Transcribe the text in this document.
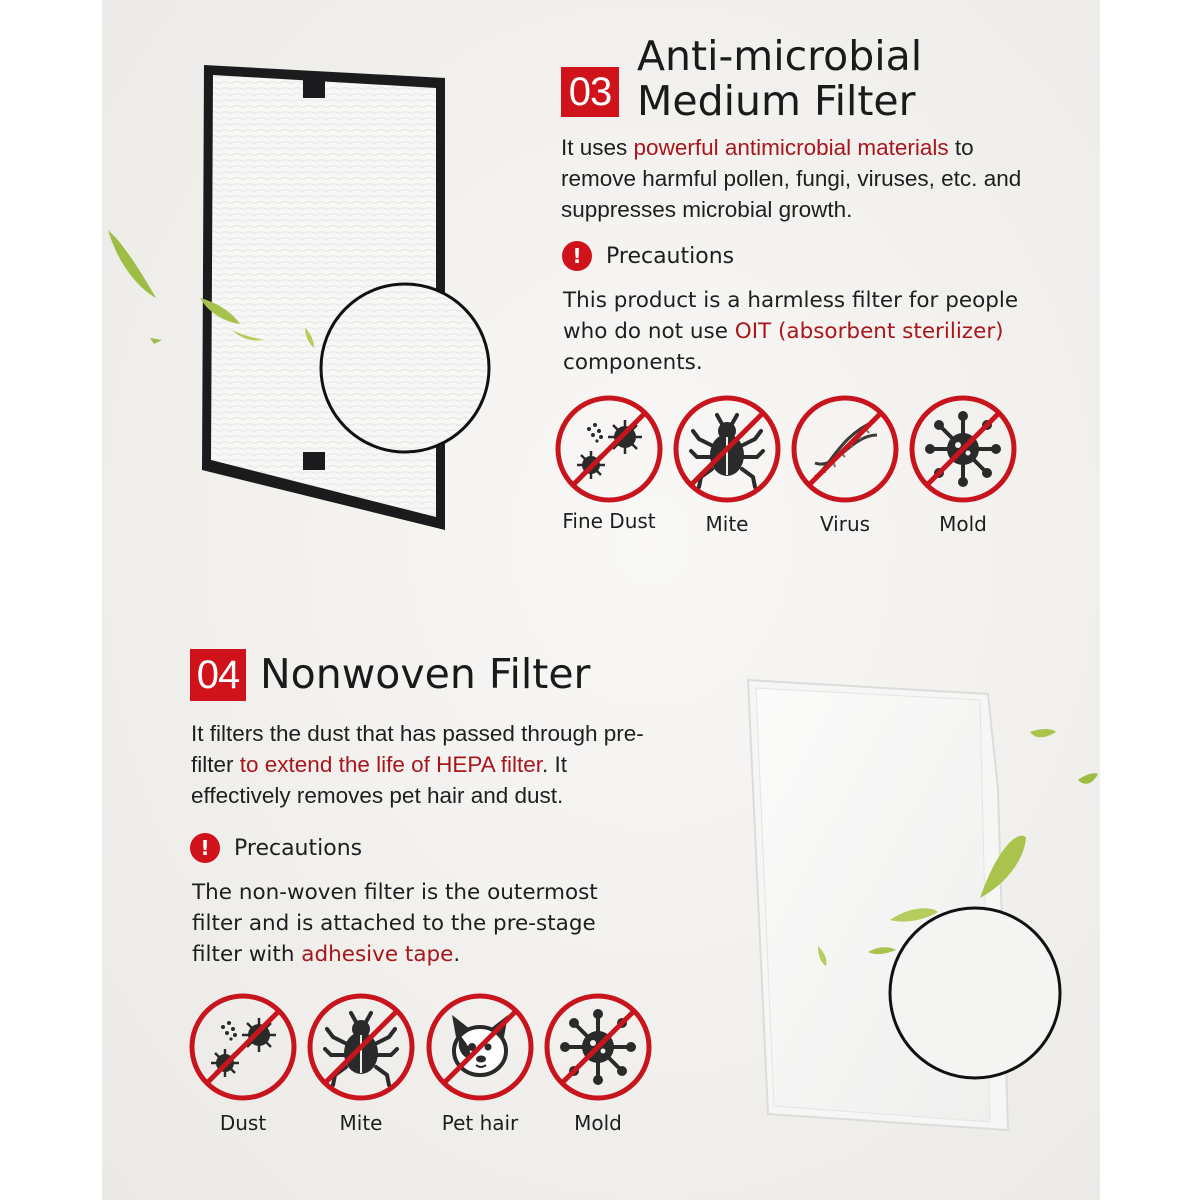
03
Anti-microbial
Medium Filter
It uses powerful antimicrobial materials to remove harmful pollen, fungi, viruses, etc. and suppresses microbial growth.
!	Precautions
This product is a harmless filter for people who do not use OIT (absorbent sterilizer) components.
Fine Dust	Mite	Virus	Mold
04 Nonwoven Filter
It filters the dust that has passed through pre-filter to extend the life of HEPA filter. It effectively removes pet hair and dust.
!	Precautions
The non-woven filter is the outermost filter and is attached to the pre-stage filter with adhesive tape.
Dust	Mite	Pet hair	Mold
